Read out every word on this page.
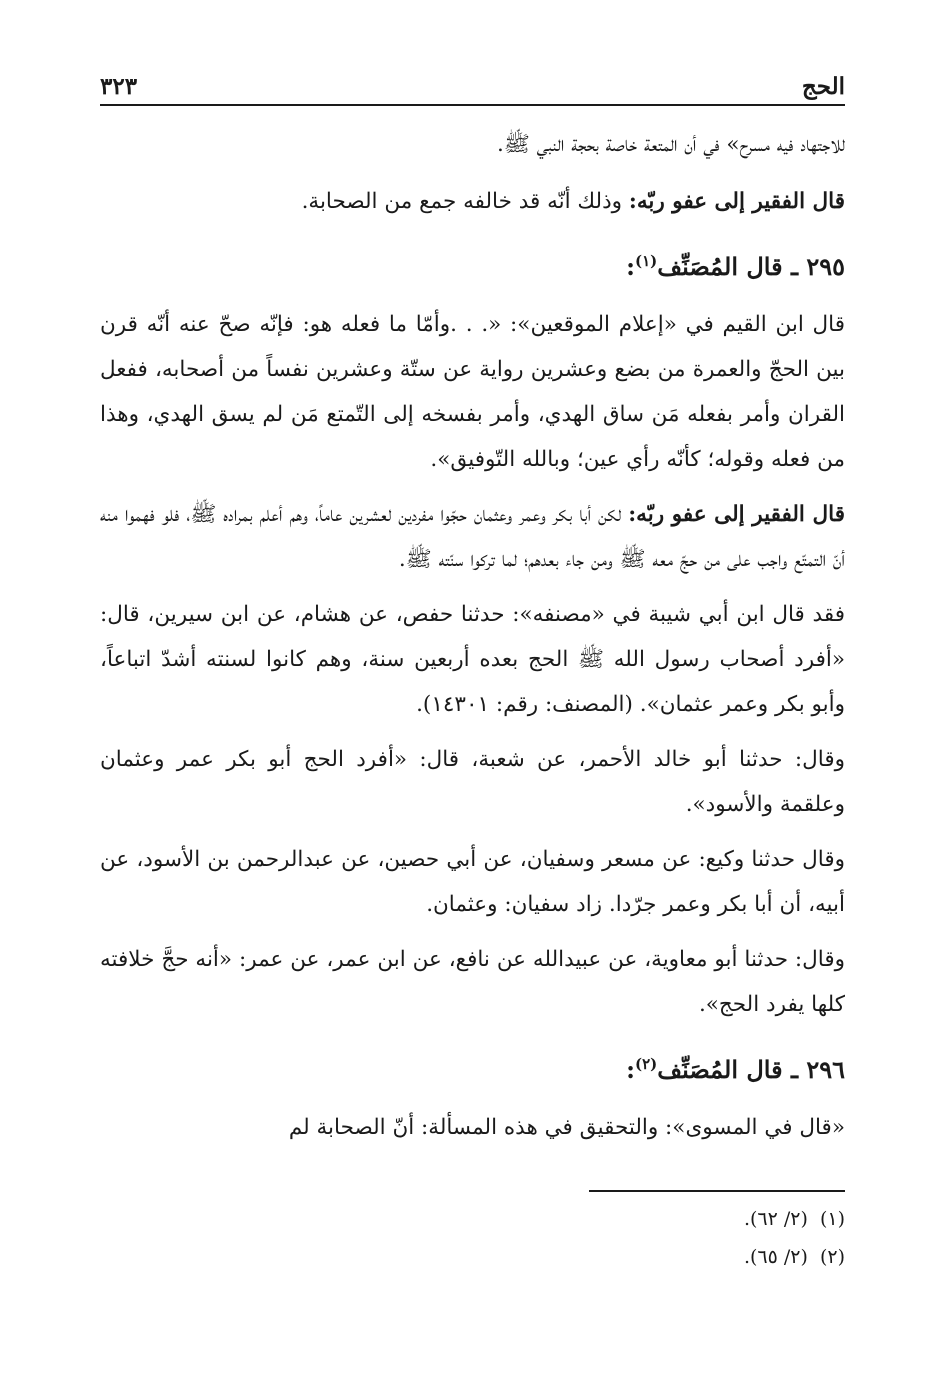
الحج
٣٢٣

للاجتهاد فيه مسرح» في أن المتعة خاصة بحجة النبي ﷺ.

قال الفقير إلى عفو ربّه: وذلك أنّه قد خالفه جمع من الصحابة.

٢٩٥ ـ قال المُصَنِّف$^{(١)}$:

قال ابن القيم في «إعلام الموقعين»: «. . .وأمّا ما فعله هو: فإنّه صحّ عنه أنّه قرن بين الحجّ والعمرة من بضع وعشرين رواية عن ستّة وعشرين نفساً من أصحابه، ففعل القران وأمر بفعله مَن ساق الهدي، وأمر بفسخه إلى التّمتع مَن لم يسق الهدي، وهذا من فعله وقوله؛ كأنّه رأي عين؛ وبالله التّوفيق».

قال الفقير إلى عفو ربّه: لكن أبا بكر وعمر وعثمان حجّوا مفردين لعشرين عاماً، وهم أعلم بمراده ﷺ، فلو فهموا منه أنّ التمتّع واجب على من حجّ معه ﷺ ومن جاء بعدهم؛ لما تركوا سنّته ﷺ.

فقد قال ابن أبي شيبة في «مصنفه»: حدثنا حفص، عن هشام، عن ابن سيرين، قال: «أفرد أصحاب رسول الله ﷺ الحج بعده أربعين سنة، وهم كانوا لسنته أشدّ اتباعاً، وأبو بكر وعمر عثمان». (المصنف: رقم: ١٤٣٠١).

وقال: حدثنا أبو خالد الأحمر، عن شعبة، قال: «أفرد الحج أبو بكر عمر وعثمان وعلقمة والأسود».

وقال حدثنا وكيع: عن مسعر وسفيان، عن أبي حصين، عن عبدالرحمن بن الأسود، عن أبيه، أن أبا بكر وعمر جرّدا. زاد سفيان: وعثمان.

وقال: حدثنا أبو معاوية، عن عبيدالله عن نافع، عن ابن عمر، عن عمر: «أنه حجَّ خلافته كلها يفرد الحج».

٢٩٦ ـ قال المُصَنِّف$^{(٢)}$:

«قال في المسوى»: والتحقيق في هذه المسألة: أنّ الصحابة لم

(١)(٢/ ٦٢).

(٢)(٢/ ٦٥).
